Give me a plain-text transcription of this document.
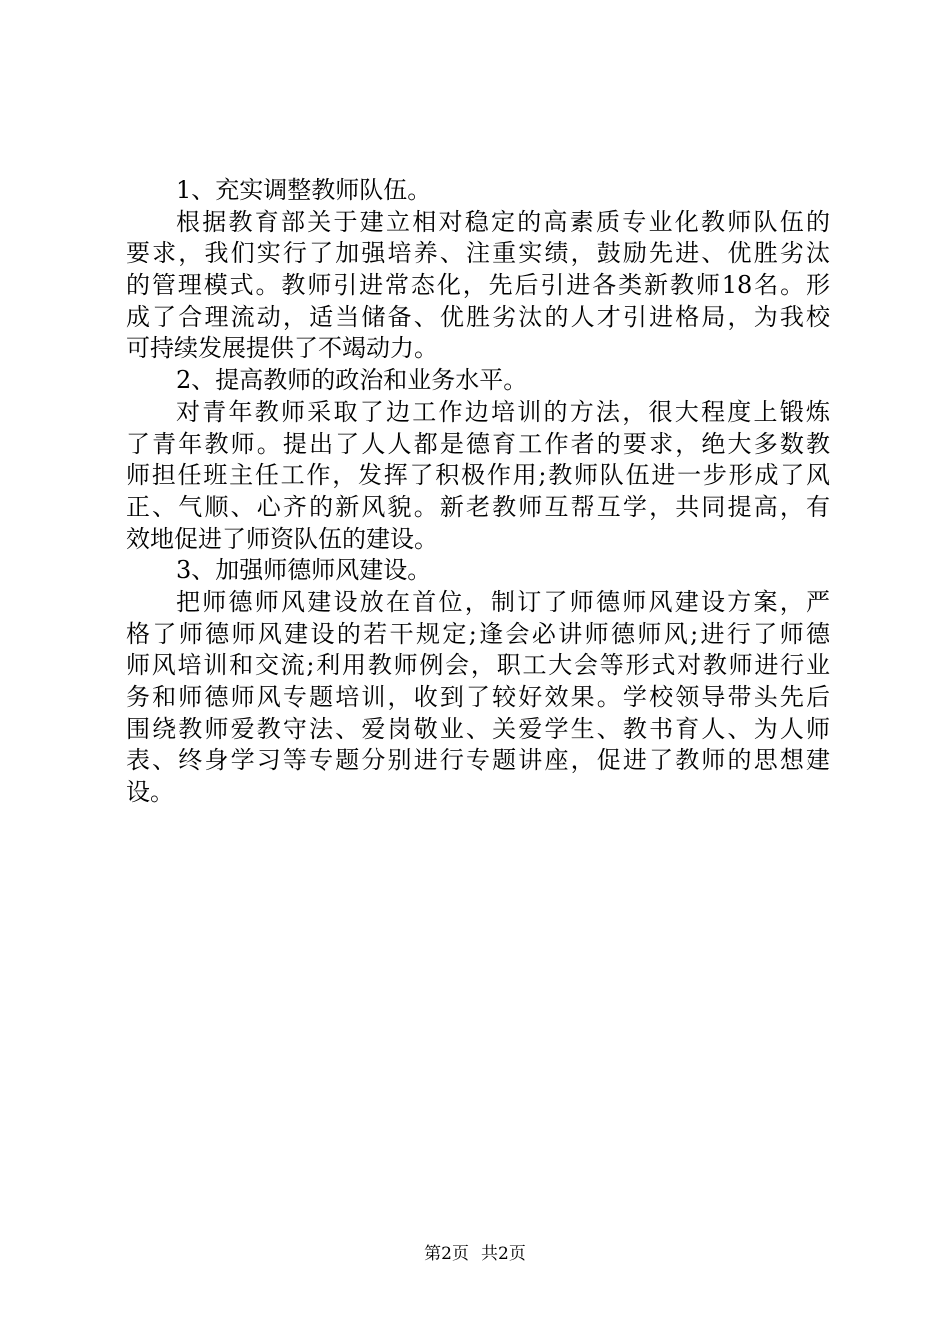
1、充实调整教师队伍。
根据教育部关于建立相对稳定的高素质专业化教师队伍的
要求，我们实行了加强培养、注重实绩，鼓励先进、优胜劣汰
的管理模式。教师引进常态化，先后引进各类新教师18名。形
成了合理流动，适当储备、优胜劣汰的人才引进格局，为我校
可持续发展提供了不竭动力。
2、提高教师的政治和业务水平。
对青年教师采取了边工作边培训的方法，很大程度上锻炼
了青年教师。提出了人人都是德育工作者的要求，绝大多数教
师担任班主任工作，发挥了积极作用;教师队伍进一步形成了风
正、气顺、心齐的新风貌。新老教师互帮互学，共同提高，有
效地促进了师资队伍的建设。
3、加强师德师风建设。
把师德师风建设放在首位，制订了师德师风建设方案，严
格了师德师风建设的若干规定;逢会必讲师德师风;进行了师德
师风培训和交流;利用教师例会，职工大会等形式对教师进行业
务和师德师风专题培训，收到了较好效果。学校领导带头先后
围绕教师爱教守法、爱岗敬业、关爱学生、教书育人、为人师
表、终身学习等专题分别进行专题讲座，促进了教师的思想建
设。
第2页 共2页
